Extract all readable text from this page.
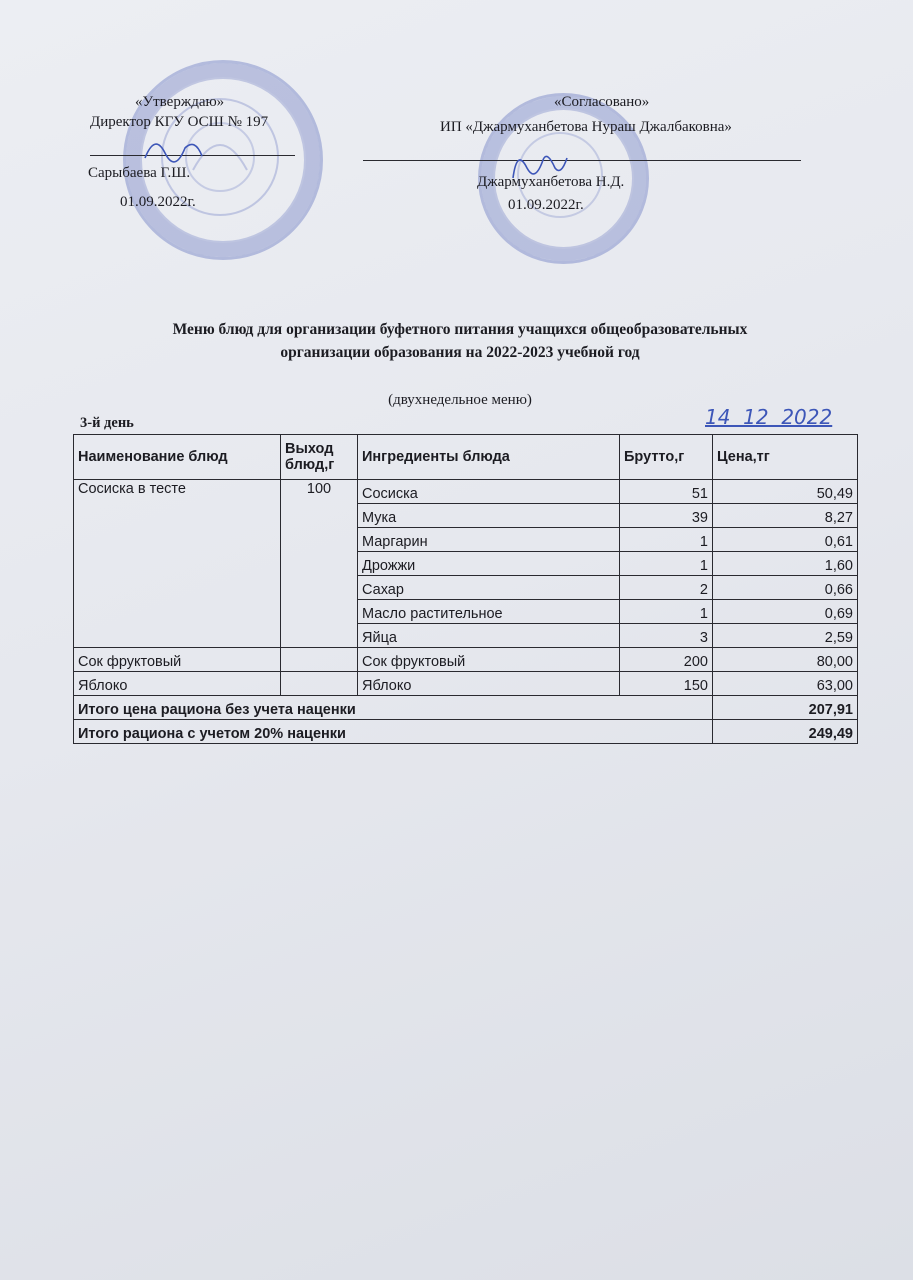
«Утверждаю»
Директор КГУ ОСШ № 197
Сарыбаева Г.Ш.
01.09.2022г.
«Согласовано»
ИП «Джармуханбетова Нураш Джалбаковна»
Джармуханбетова Н.Д.
01.09.2022г.
Меню блюд для организации буфетного питания учащихся общеобразовательных
организации образования на 2022-2023 учебной год
(двухнедельное меню)
3-й день	14  12  2022
Наименование блюд	Выход блюд,г	Ингредиенты блюда	Брутто,г	Цена,тг
Сосиска в тесте	100	Сосиска	51	50,49
		Мука	39	8,27
		Маргарин	1	0,61
		Дрожжи	1	1,60
		Сахар	2	0,66
		Масло растительное	1	0,69
		Яйца	3	2,59
Сок фруктовый		Сок фруктовый	200	80,00
Яблоко		Яблоко	150	63,00
Итого цена рациона без учета наценки				207,91
Итого рациона с учетом 20% наценки				249,49
